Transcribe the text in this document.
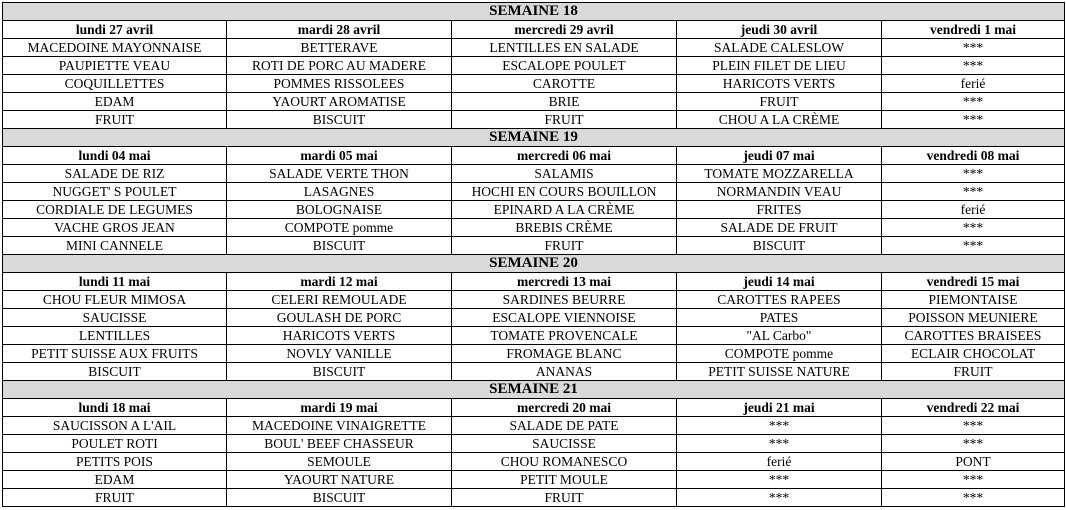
SEMAINE 18				
lundi 27 avril	mardi 28 avril	mercredi 29 avril	jeudi 30 avril	vendredi 1 mai
MACEDOINE MAYONNAISE	BETTERAVE	LENTILLES EN SALADE	SALADE CALESLOW	***
PAUPIETTE VEAU	ROTI DE PORC AU MADERE	ESCALOPE POULET	PLEIN FILET DE LIEU	***
COQUILLETTES	POMMES RISSOLEES	CAROTTE	HARICOTS VERTS	ferié
EDAM	YAOURT AROMATISE	BRIE	FRUIT	***
FRUIT	BISCUIT	FRUIT	CHOU A LA CRÈME	***
SEMAINE 19				
lundi 04 mai	mardi 05 mai	mercredi 06 mai	jeudi 07 mai	vendredi 08 mai
SALADE DE RIZ	SALADE VERTE THON	SALAMIS	TOMATE MOZZARELLA	***
NUGGET' S POULET	LASAGNES	HOCHI EN COURS BOUILLON	NORMANDIN VEAU	***
CORDIALE DE LEGUMES	BOLOGNAISE	EPINARD A LA CRÈME	FRITES	ferié
VACHE GROS JEAN	COMPOTE pomme	BREBIS CRÈME	SALADE DE FRUIT	***
MINI CANNELE	BISCUIT	FRUIT	BISCUIT	***
SEMAINE 20				
lundi 11 mai	mardi 12 mai	mercredi 13 mai	jeudi 14 mai	vendredi 15 mai
CHOU FLEUR MIMOSA	CELERI REMOULADE	SARDINES BEURRE	CAROTTES RAPEES	PIEMONTAISE
SAUCISSE	GOULASH DE PORC	ESCALOPE VIENNOISE	PATES	POISSON MEUNIERE
LENTILLES	HARICOTS VERTS	TOMATE PROVENCALE	"AL Carbo"	CAROTTES BRAISEES
PETIT SUISSE AUX FRUITS	NOVLY VANILLE	FROMAGE BLANC	COMPOTE pomme	ECLAIR CHOCOLAT
BISCUIT	BISCUIT	ANANAS	PETIT SUISSE NATURE	FRUIT
SEMAINE 21				
lundi 18 mai	mardi 19 mai	mercredi 20 mai	jeudi 21 mai	vendredi 22 mai
SAUCISSON A L'AIL	MACEDOINE VINAIGRETTE	SALADE DE PATE	***	***
POULET ROTI	BOUL' BEEF CHASSEUR	SAUCISSE	***	***
PETITS POIS	SEMOULE	CHOU ROMANESCO	ferié	PONT
EDAM	YAOURT NATURE	PETIT MOULE	***	***
FRUIT	BISCUIT	FRUIT	***	***
